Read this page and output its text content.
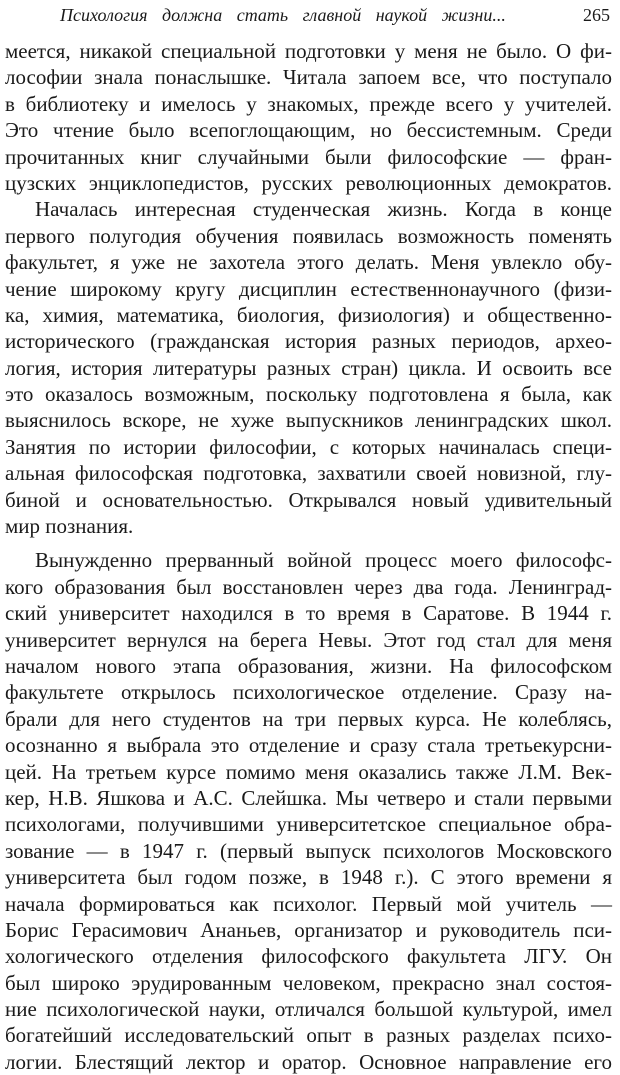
Психология должна стать главной наукой жизни...	265
меется, никакой специальной подготовки у меня не было. О фи-
лософии знала понаслышке. Читала запоем все, что поступало
в библиотеку и имелось у знакомых, прежде всего у учителей.
Это чтение было всепоглощающим, но бессистемным. Среди
прочитанных книг случайными были философские — фран-
цузских энциклопедистов, русских революционных демократов.
Началась интересная студенческая жизнь. Когда в конце
первого полугодия обучения появилась возможность поменять
факультет, я уже не захотела этого делать. Меня увлекло обу-
чение широкому кругу дисциплин естественнонаучного (физи-
ка, химия, математика, биология, физиология) и общественно-
исторического (гражданская история разных периодов, архео-
логия, история литературы разных стран) цикла. И освоить все
это оказалось возможным, поскольку подготовлена я была, как
выяснилось вскоре, не хуже выпускников ленинградских школ.
Занятия по истории философии, с которых начиналась специ-
альная философская подготовка, захватили своей новизной, глу-
биной и основательностью. Открывался новый удивительный
мир познания.
Вынужденно прерванный войной процесс моего философс-
кого образования был восстановлен через два года. Ленинград-
ский университет находился в то время в Саратове. В 1944 г.
университет вернулся на берега Невы. Этот год стал для меня
началом нового этапа образования, жизни. На философском
факультете открылось психологическое отделение. Сразу на-
брали для него студентов на три первых курса. Не колеблясь,
осознанно я выбрала это отделение и сразу стала третьекурсни-
цей. На третьем курсе помимо меня оказались также Л.М. Век-
кер, Н.В. Яшкова и А.С. Слейшка. Мы четверо и стали первыми
психологами, получившими университетское специальное обра-
зование — в 1947 г. (первый выпуск психологов Московского
университета был годом позже, в 1948 г.). С этого времени я
начала формироваться как психолог. Первый мой учитель —
Борис Герасимович Ананьев, организатор и руководитель пси-
хологического отделения философского факультета ЛГУ. Он
был широко эрудированным человеком, прекрасно знал состоя-
ние психологической науки, отличался большой культурой, имел
богатейший исследовательский опыт в разных разделах психо-
логии. Блестящий лектор и оратор. Основное направление его
